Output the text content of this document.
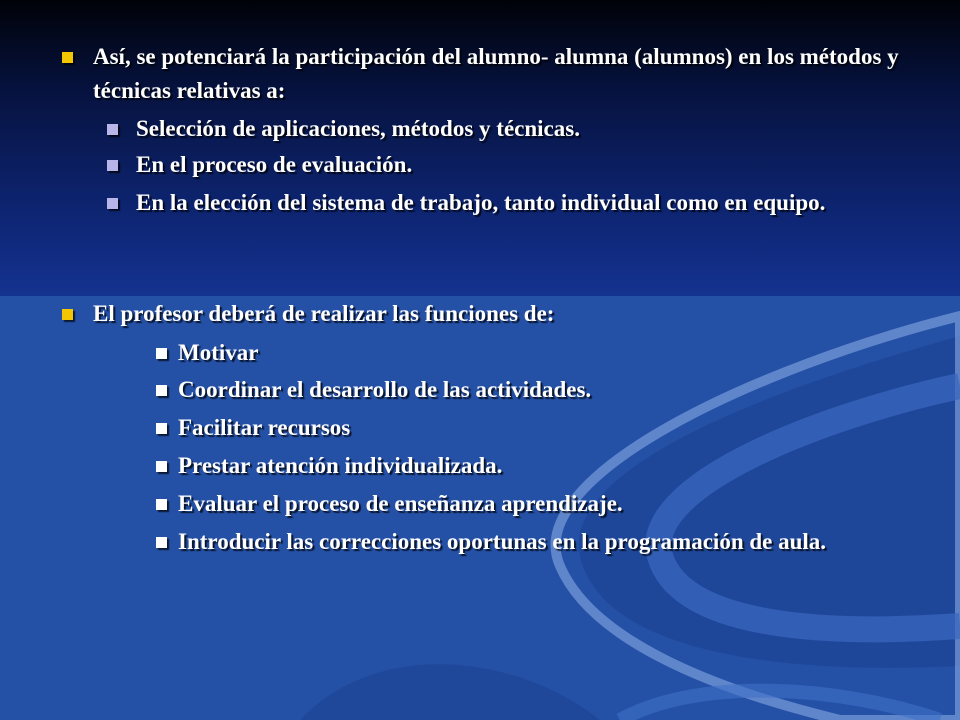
Así, se potenciará la participación del alumno- alumna (alumnos) en los métodos y técnicas relativas a:
Selección de aplicaciones, métodos y técnicas.
En el proceso de evaluación.
En la elección del sistema de trabajo, tanto individual como en equipo.
El profesor deberá de realizar las funciones de:
Motivar
Coordinar el desarrollo de las actividades.
Facilitar recursos
Prestar atención individualizada.
Evaluar el proceso de enseñanza aprendizaje.
Introducir las correcciones oportunas en la programación de aula.
